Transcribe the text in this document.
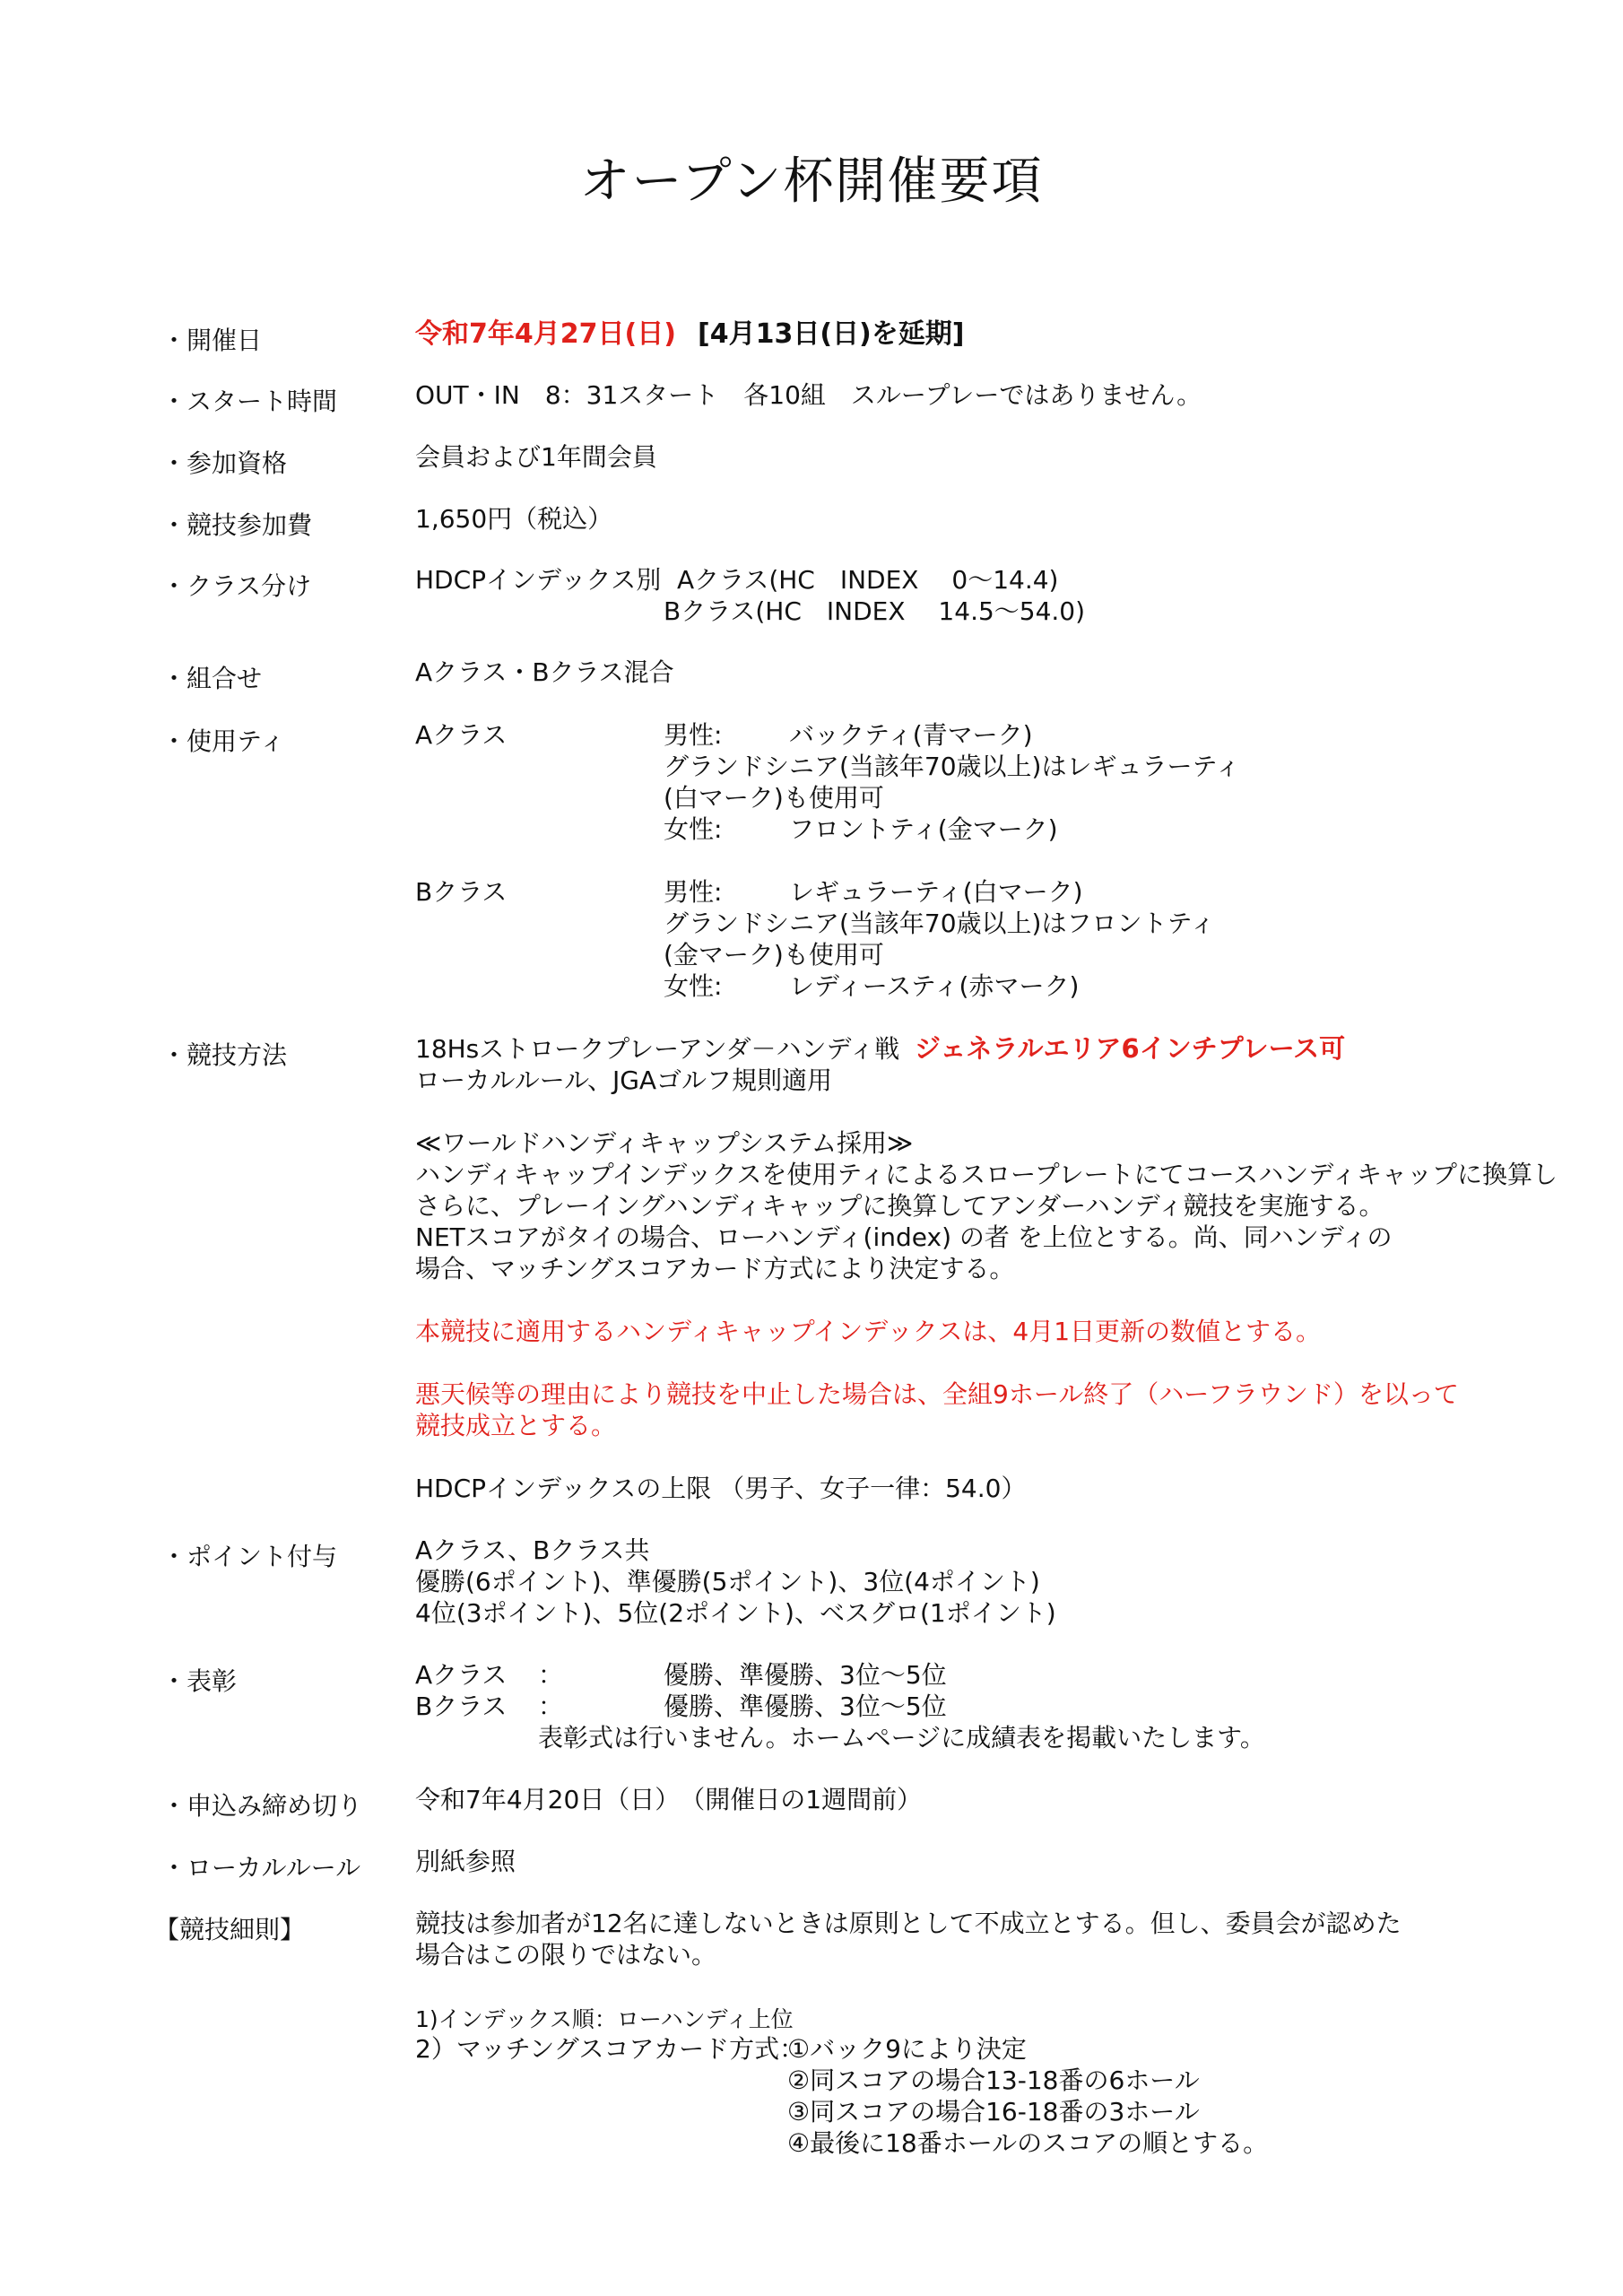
オープン杯開催要項
・開催日	令和7年4月27日(日) [4月13日(日)を延期]
・スタート時間	OUT・IN　8：31スタート　各10組　スループレーではありません。
・参加資格	会員および1年間会員
・競技参加費	1,650円（税込）
・クラス分け	HDCPインデックス別  Aクラス(HC　INDEX　 0～14.4)
Bクラス(HC　INDEX　 14.5～54.0)
・組合せ	Aクラス・Bクラス混合
・使用ティ	Aクラス	男性:	バックティ(青マーク)
グランドシニア(当該年70歳以上)はレギュラーティ
(白マーク)も使用可
女性:	フロントティ(金マーク)
Bクラス	男性:	レギュラーティ(白マーク)
グランドシニア(当該年70歳以上)はフロントティ
(金マーク)も使用可
女性:	レディースティ(赤マーク)
・競技方法	18Hsストロークプレーアンダ－ハンディ戦 ジェネラルエリア6インチプレース可
ローカルルール、JGAゴルフ規則適用
≪ワールドハンディキャップシステム採用≫
ハンディキャップインデックスを使用ティによるスロープレートにてコースハンディキャップに換算し
さらに、プレーイングハンディキャップに換算してアンダーハンディ競技を実施する。
NETスコアがタイの場合、ローハンディ(index) の者 を上位とする。尚、同ハンディの
場合、マッチングスコアカード方式により決定する。
本競技に適用するハンディキャップインデックスは、4月1日更新の数値とする。
悪天候等の理由により競技を中止した場合は、全組9ホール終了（ハーフラウンド）を以って
競技成立とする。
HDCPインデックスの上限 （男子、女子一律：54.0）
・ポイント付与	Aクラス、Bクラス共
優勝(6ポイント)、準優勝(5ポイント)、3位(4ポイント)
4位(3ポイント)、5位(2ポイント)、ベスグロ(1ポイント)
・表彰	Aクラス ：	優勝、準優勝、3位～5位
Bクラス ：	優勝、準優勝、3位～5位
表彰式は行いません。ホームページに成績表を掲載いたします。
・申込み締め切り 令和7年4月20日（日）　（開催日の1週間前）
・ローカルルール 別紙参照
【競技細則】	競技は参加者が12名に達しないときは原則として不成立とする。但し、委員会が認めた
場合はこの限りではない。
1)インデックス順：ローハンディ上位
2）マッチングスコアカード方式：
①バック9により決定
②同スコアの場合13-18番の6ホール
③同スコアの場合16-18番の3ホール
④最後に18番ホールのスコアの順とする。
